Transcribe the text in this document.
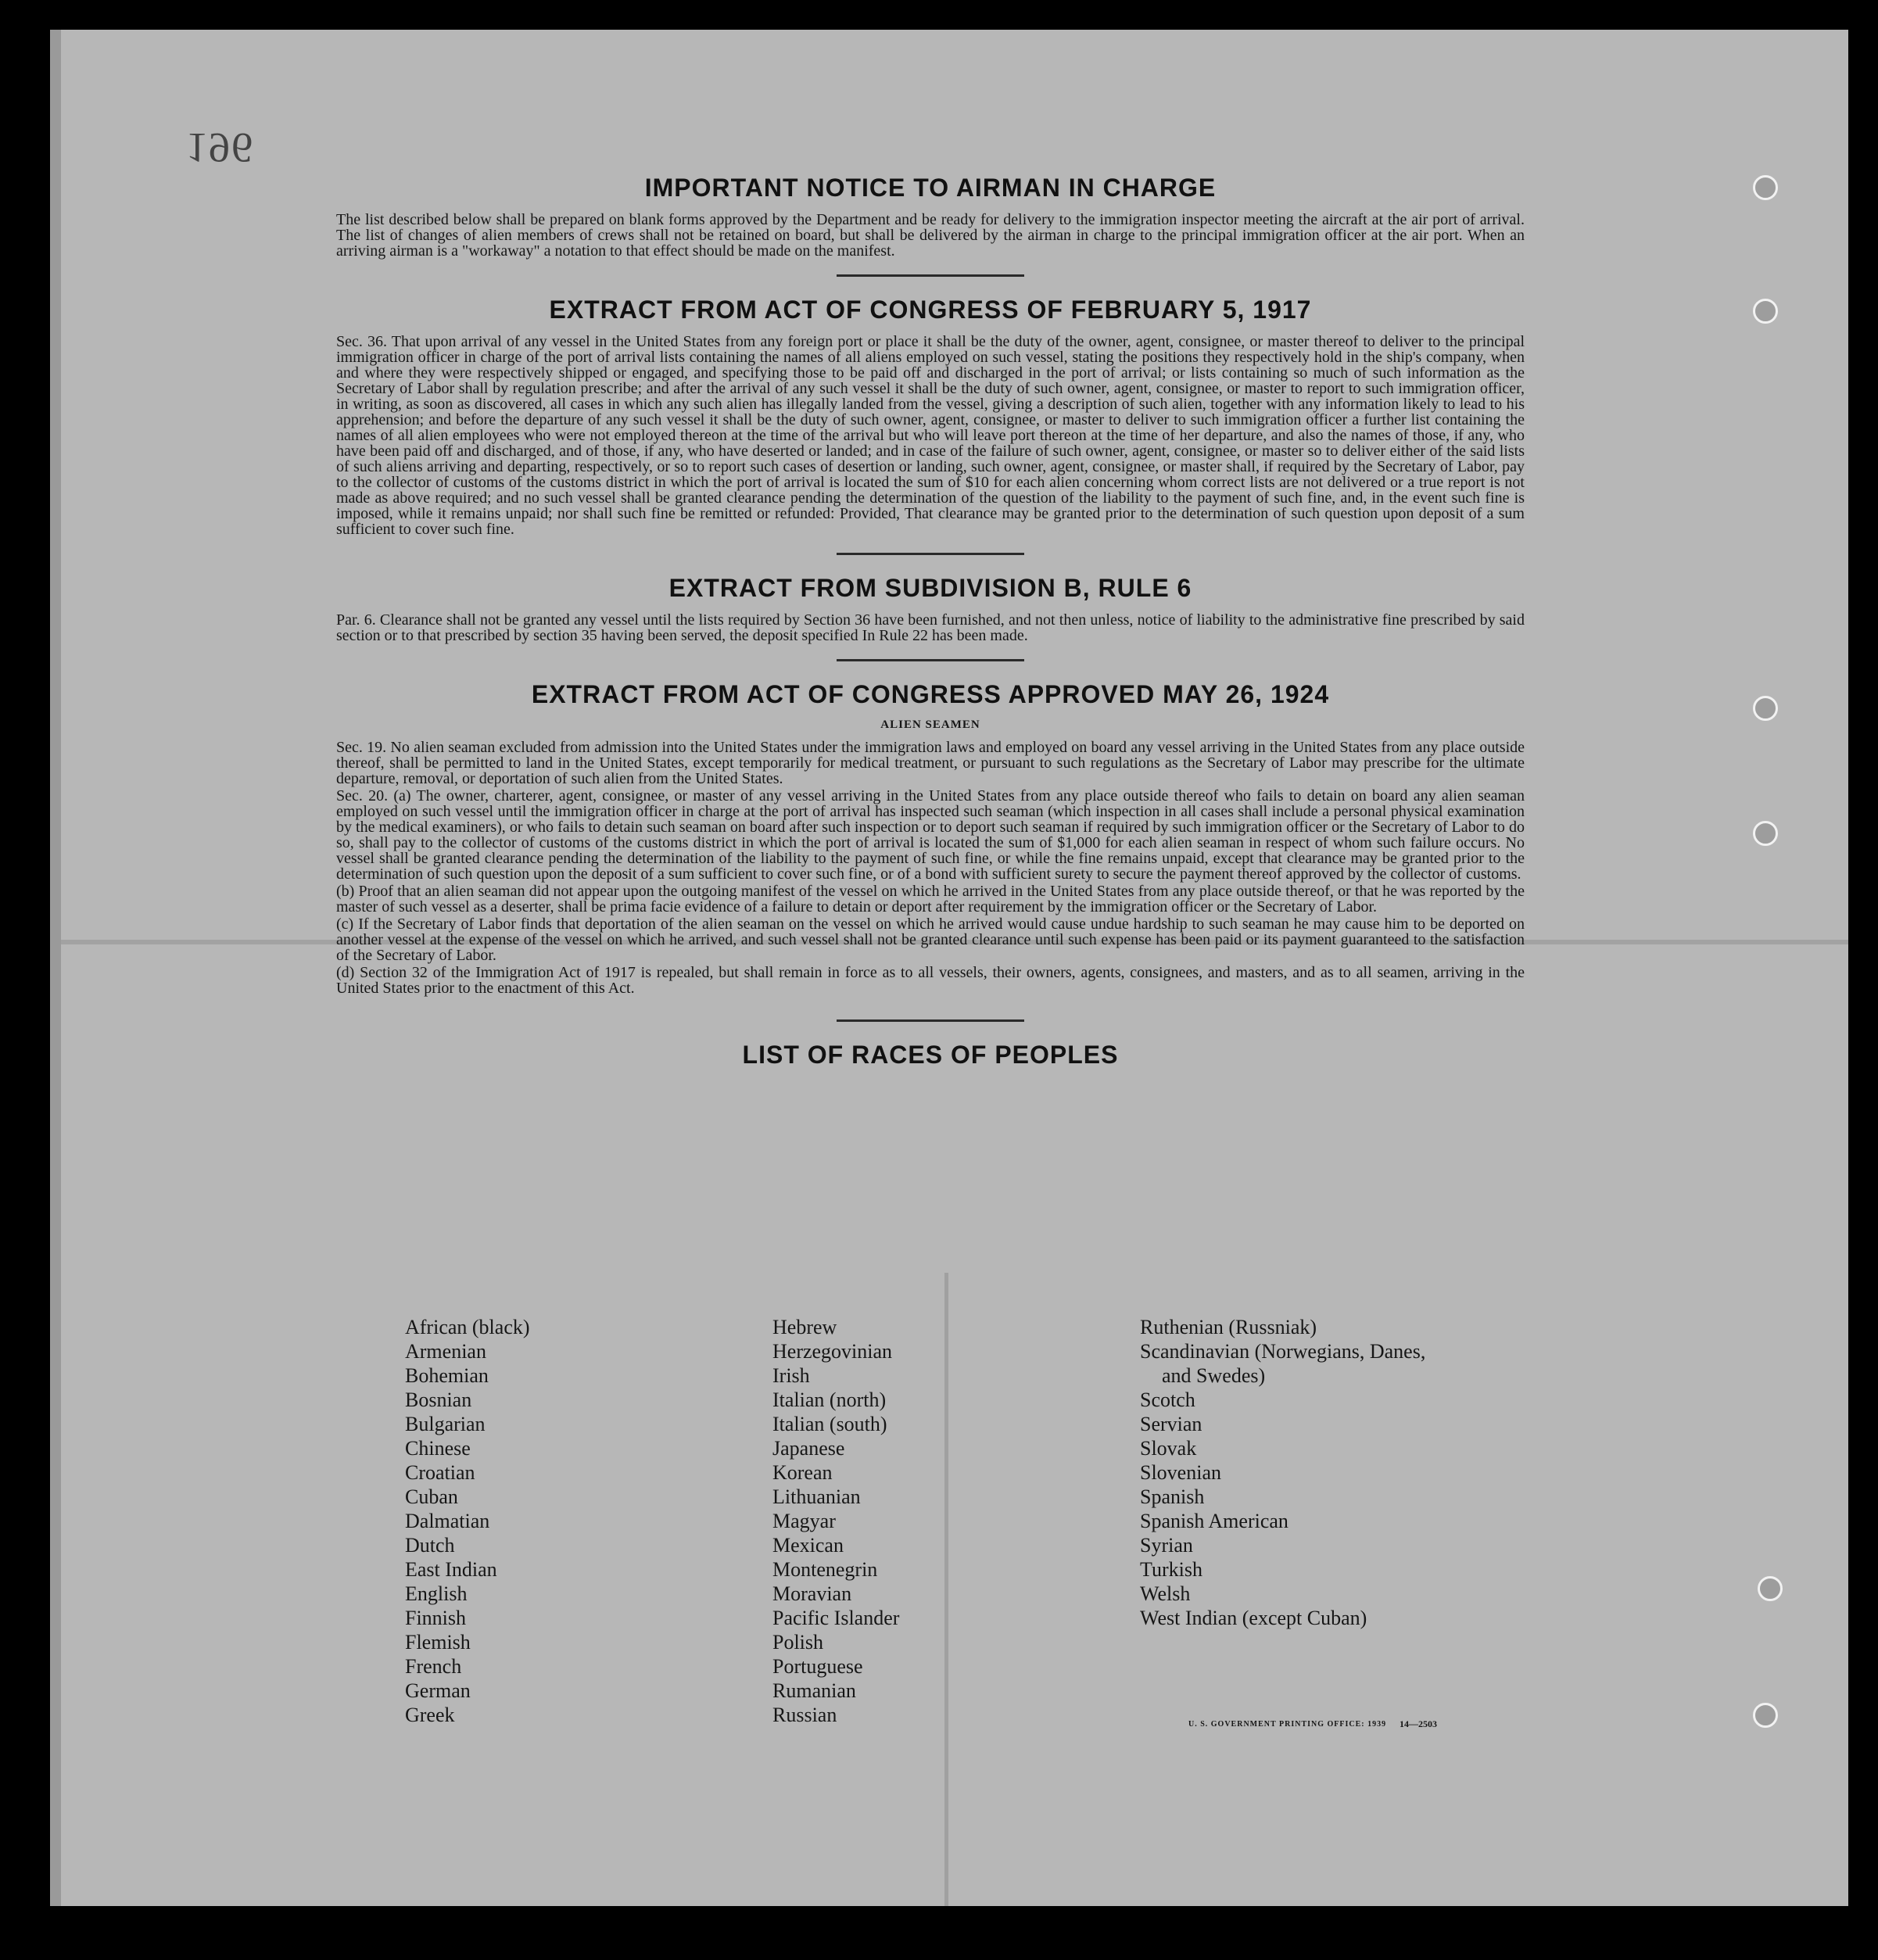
196
IMPORTANT NOTICE TO AIRMAN IN CHARGE

The list described below shall be prepared on blank forms approved by the Department and be ready for delivery to the immigration inspector meeting the aircraft at the air port of arrival. The list of changes of alien members of crews shall not be retained on board, but shall be delivered by the airman in charge to the principal immigration officer at the air port. When an arriving airman is a "workaway" a notation to that effect should be made on the manifest.

EXTRACT FROM ACT OF CONGRESS OF FEBRUARY 5, 1917

Sec. 36. That upon arrival of any vessel in the United States from any foreign port or place it shall be the duty of the owner, agent, consignee, or master thereof to deliver to the principal immigration officer in charge of the port of arrival lists containing the names of all aliens employed on such vessel, stating the positions they respectively hold in the ship's company, when and where they were respectively shipped or engaged, and specifying those to be paid off and discharged in the port of arrival; or lists containing so much of such information as the Secretary of Labor shall by regulation prescribe; and after the arrival of any such vessel it shall be the duty of such owner, agent, consignee, or master to report to such immigration officer, in writing, as soon as discovered, all cases in which any such alien has illegally landed from the vessel, giving a description of such alien, together with any information likely to lead to his apprehension; and before the departure of any such vessel it shall be the duty of such owner, agent, consignee, or master to deliver to such immigration officer a further list containing the names of all alien employees who were not employed thereon at the time of the arrival but who will leave port thereon at the time of her departure, and also the names of those, if any, who have been paid off and discharged, and of those, if any, who have deserted or landed; and in case of the failure of such owner, agent, consignee, or master so to deliver either of the said lists of such aliens arriving and departing, respectively, or so to report such cases of desertion or landing, such owner, agent, consignee, or master shall, if required by the Secretary of Labor, pay to the collector of customs of the customs district in which the port of arrival is located the sum of $10 for each alien concerning whom correct lists are not delivered or a true report is not made as above required; and no such vessel shall be granted clearance pending the determination of the question of the liability to the payment of such fine, and, in the event such fine is imposed, while it remains unpaid; nor shall such fine be remitted or refunded: Provided, That clearance may be granted prior to the determination of such question upon deposit of a sum sufficient to cover such fine.

EXTRACT FROM SUBDIVISION B, RULE 6

Par. 6. Clearance shall not be granted any vessel until the lists required by Section 36 have been furnished, and not then unless, notice of liability to the administrative fine prescribed by said section or to that prescribed by section 35 having been served, the deposit specified In Rule 22 has been made.

EXTRACT FROM ACT OF CONGRESS APPROVED MAY 26, 1924
ALIEN SEAMEN

Sec. 19. No alien seaman excluded from admission into the United States under the immigration laws and employed on board any vessel arriving in the United States from any place outside thereof, shall be permitted to land in the United States, except temporarily for medical treatment, or pursuant to such regulations as the Secretary of Labor may prescribe for the ultimate departure, removal, or deportation of such alien from the United States.

Sec. 20. (a) The owner, charterer, agent, consignee, or master of any vessel arriving in the United States from any place outside thereof who fails to detain on board any alien seaman employed on such vessel until the immigration officer in charge at the port of arrival has inspected such seaman (which inspection in all cases shall include a personal physical examination by the medical examiners), or who fails to detain such seaman on board after such inspection or to deport such seaman if required by such immigration officer or the Secretary of Labor to do so, shall pay to the collector of customs of the customs district in which the port of arrival is located the sum of $1,000 for each alien seaman in respect of whom such failure occurs. No vessel shall be granted clearance pending the determination of the liability to the payment of such fine, or while the fine remains unpaid, except that clearance may be granted prior to the determination of such question upon the deposit of a sum sufficient to cover such fine, or of a bond with sufficient surety to secure the payment thereof approved by the collector of customs.

(b) Proof that an alien seaman did not appear upon the outgoing manifest of the vessel on which he arrived in the United States from any place outside thereof, or that he was reported by the master of such vessel as a deserter, shall be prima facie evidence of a failure to detain or deport after requirement by the immigration officer or the Secretary of Labor.

(c) If the Secretary of Labor finds that deportation of the alien seaman on the vessel on which he arrived would cause undue hardship to such seaman he may cause him to be deported on another vessel at the expense of the vessel on which he arrived, and such vessel shall not be granted clearance until such expense has been paid or its payment guaranteed to the satisfaction of the Secretary of Labor.

(d) Section 32 of the Immigration Act of 1917 is repealed, but shall remain in force as to all vessels, their owners, agents, consignees, and masters, and as to all seamen, arriving in the United States prior to the enactment of this Act.

LIST OF RACES OF PEOPLES
African (black)
Armenian
Bohemian
Bosnian
Bulgarian
Chinese
Croatian
Cuban
Dalmatian
Dutch
East Indian
English
Finnish
Flemish
French
German
Greek
Hebrew
Herzegovinian
Irish
Italian (north)
Italian (south)
Japanese
Korean
Lithuanian
Magyar
Mexican
Montenegrin
Moravian
Pacific Islander
Polish
Portuguese
Rumanian
Russian
Ruthenian (Russniak)
Scandinavian (Norwegians, Danes,
and Swedes)
Scotch
Servian
Slovak
Slovenian
Spanish
Spanish American
Syrian
Turkish
Welsh
West Indian (except Cuban)
U. S. GOVERNMENT PRINTING OFFICE: 1939 14—2503
